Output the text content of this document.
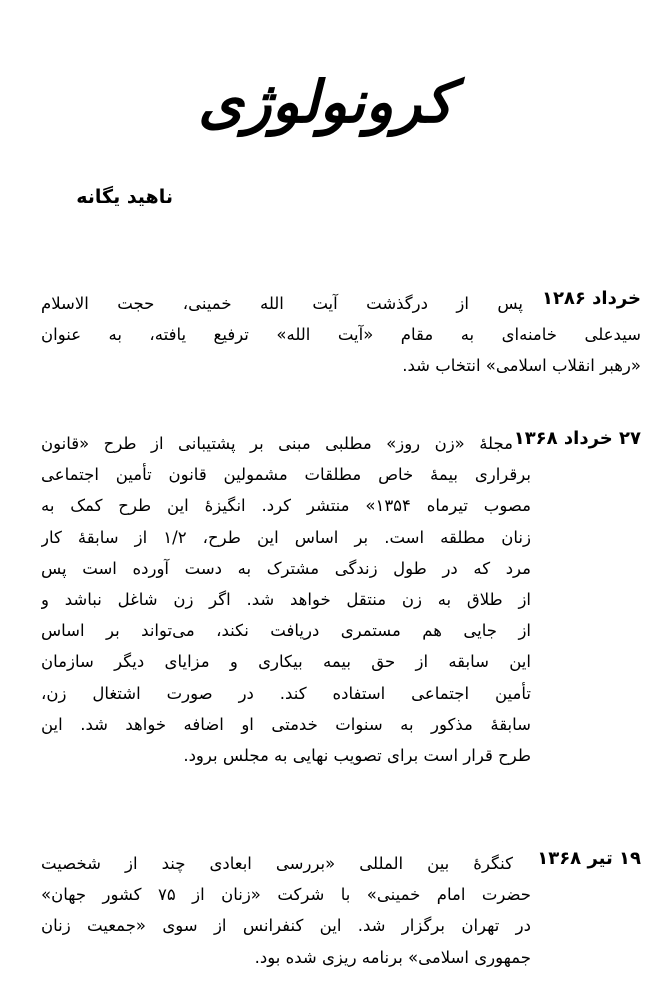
کرونولوژی
ناهید یگانه
خرداد ۱۲۸۶
پس از درگذشت آیت الله خمینی، حجت الاسلام
سیدعلی خامنه‌ای به مقام «آیت الله» ترفیع یافته، به عنوان
«رهبر انقلاب اسلامی» انتخاب شد.
۲۷ خرداد ۱۳۶۸
مجلهٔ «زن روز» مطلبی مبنی بر پشتیبانی از طرح «قانون
برقراری بیمهٔ خاص مطلقات مشمولین قانون تأمین اجتماعی
مصوب تیرماه ۱۳۵۴» منتشر کرد. انگیزهٔ این طرح کمک به
زنان مطلقه است. بر اساس این طرح، ۱/۲ از سابقهٔ کار
مرد که در طول زندگی مشترک به دست آورده است پس
از طلاق به زن منتقل خواهد شد. اگر زن شاغل نباشد و
از جایی هم مستمری دریافت نکند، می‌تواند بر اساس
این سابقه از حق بیمه بیکاری و مزایای دیگر سازمان
تأمین اجتماعی استفاده کند. در صورت اشتغال زن،
سابقهٔ مذکور به سنوات خدمتی او اضافه خواهد شد. این
طرح قرار است برای تصویب نهایی به مجلس برود.
۱۹ تیر ۱۳۶۸
کنگرهٔ بین المللی «بررسی ابعادی چند از شخصیت
حضرت امام خمینی» با شرکت «زنان از ۷۵ کشور جهان»
در تهران برگزار شد. این کنفرانس از سوی «جمعیت زنان
جمهوری اسلامی» برنامه ریزی شده بود.
